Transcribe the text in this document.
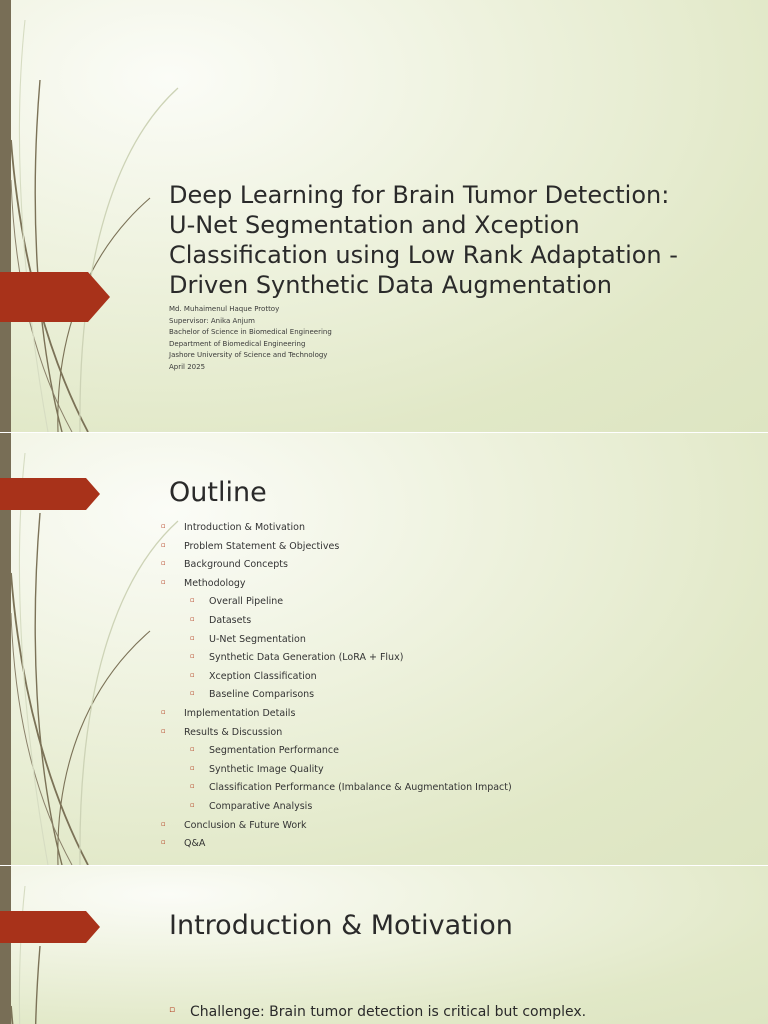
Deep Learning for Brain Tumor Detection:
U-Net Segmentation and Xception
Classification using Low Rank Adaptation -
Driven Synthetic Data Augmentation
Md. Muhaimenul Haque Prottoy
Supervisor: Anika Anjum
Bachelor of Science in Biomedical Engineering
Department of Biomedical Engineering
Jashore University of Science and Technology
April 2025
Outline
▫ Introduction & Motivation
▫ Problem Statement & Objectives
▫ Background Concepts
▫ Methodology
▫ Overall Pipeline
▫ Datasets
▫ U-Net Segmentation
▫ Synthetic Data Generation (LoRA + Flux)
▫ Xception Classification
▫ Baseline Comparisons
▫ Implementation Details
▫ Results & Discussion
▫ Segmentation Performance
▫ Synthetic Image Quality
▫ Classification Performance (Imbalance & Augmentation Impact)
▫ Comparative Analysis
▫ Conclusion & Future Work
▫ Q&A
Introduction & Motivation
▫ Challenge: Brain tumor detection is critical but complex.
